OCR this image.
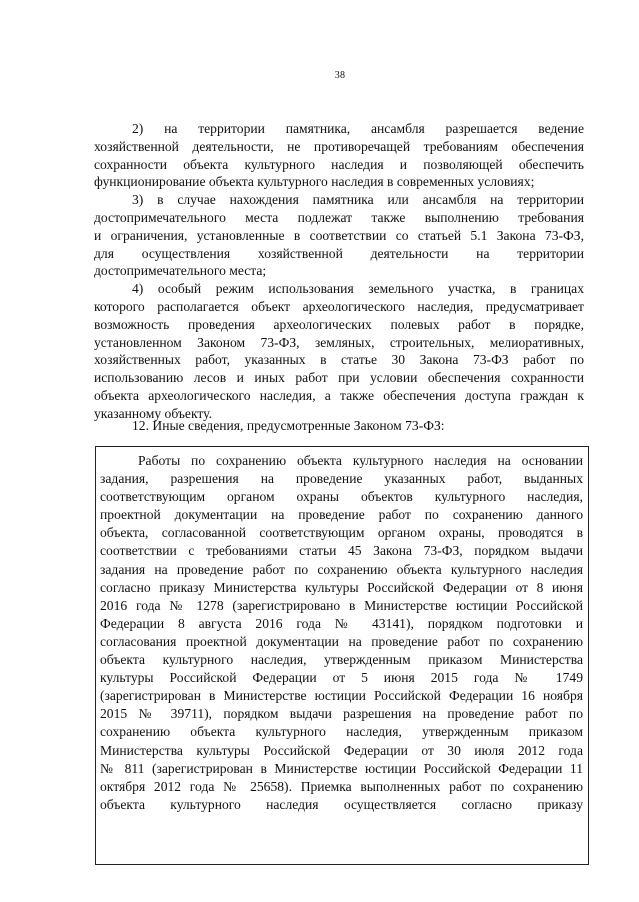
38
2) на территории памятника, ансамбля разрешается ведение
хозяйственной деятельности, не противоречащей требованиям обеспечения
сохранности объекта культурного наследия и позволяющей обеспечить
функционирование объекта культурного наследия в современных условиях;
3) в случае нахождения памятника или ансамбля на территории
достопримечательного места подлежат также выполнению требования
и ограничения, установленные в соответствии со статьей 5.1 Закона 73-ФЗ,
для осуществления хозяйственной деятельности на территории
достопримечательного места;
4) особый режим использования земельного участка, в границах
которого располагается объект археологического наследия, предусматривает
возможность проведения археологических полевых работ в порядке,
установленном Законом 73-ФЗ, земляных, строительных, мелиоративных,
хозяйственных работ, указанных в статье 30 Закона 73-ФЗ работ по
использованию лесов и иных работ при условии обеспечения сохранности
объекта археологического наследия, а также обеспечения доступа граждан к
указанному объекту.
12. Иные сведения, предусмотренные Законом 73-ФЗ:
Работы по сохранению объекта культурного наследия на основании
задания, разрешения на проведение указанных работ, выданных
соответствующим органом охраны объектов культурного наследия,
проектной документации на проведение работ по сохранению данного
объекта, согласованной соответствующим органом охраны, проводятся в
соответствии с требованиями статьи 45 Закона 73-ФЗ, порядком выдачи
задания на проведение работ по сохранению объекта культурного наследия
согласно приказу Министерства культуры Российской Федерации от 8 июня
2016 года № 1278 (зарегистрировано в Министерстве юстиции Российской
Федерации 8 августа 2016 года № 43141), порядком подготовки и
согласования проектной документации на проведение работ по сохранению
объекта культурного наследия, утвержденным приказом Министерства
культуры Российской Федерации от 5 июня 2015 года № 1749
(зарегистрирован в Министерстве юстиции Российской Федерации 16 ноября
2015 № 39711), порядком выдачи разрешения на проведение работ по
сохранению объекта культурного наследия, утвержденным приказом
Министерства культуры Российской Федерации от 30 июля 2012 года
№ 811 (зарегистрирован в Министерстве юстиции Российской Федерации 11
октября 2012 года № 25658). Приемка выполненных работ по сохранению
объекта культурного наследия осуществляется согласно приказу
